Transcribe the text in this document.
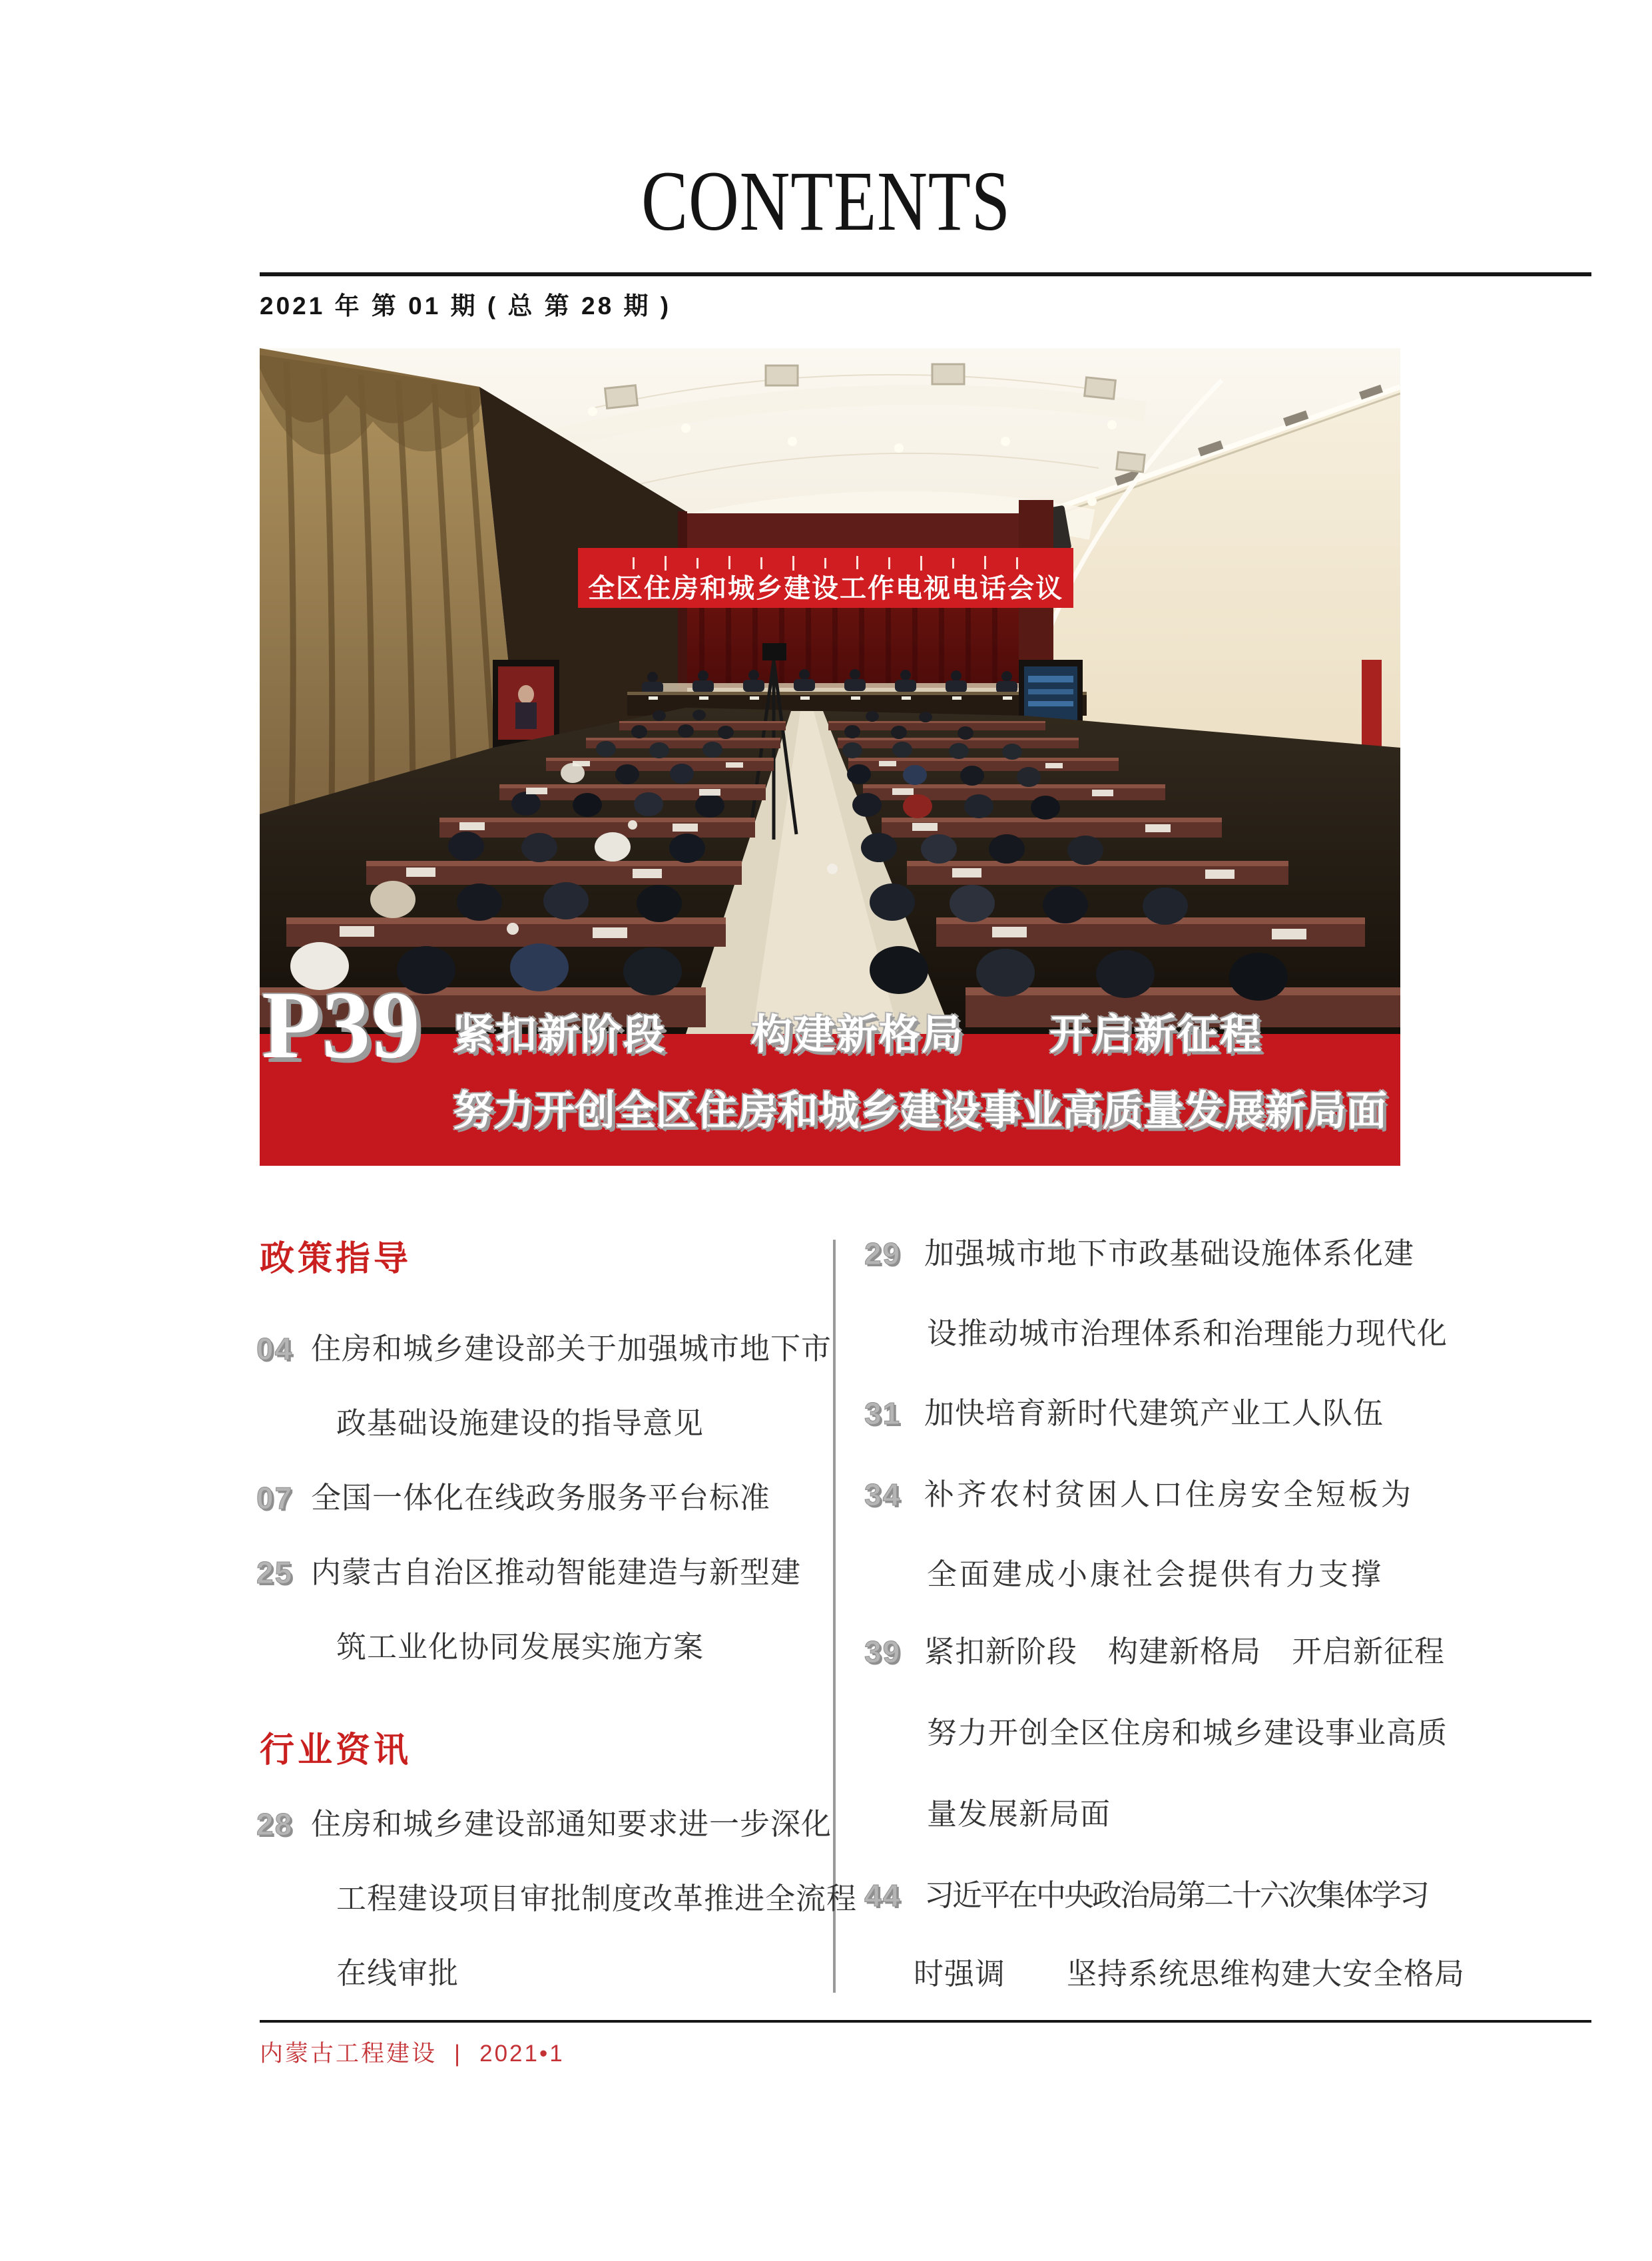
CONTENTS
2021 年 第 01 期 ( 总 第 28 期 )
全区住房和城乡建设工作电视电话会议
P39 紧扣新阶段　　构建新格局　　开启新征程
努力开创全区住房和城乡建设事业高质量发展新局面
政策指导
04 住房和城乡建设部关于加强城市地下市
政基础设施建设的指导意见
07 全国一体化在线政务服务平台标准
25 内蒙古自治区推动智能建造与新型建
筑工业化协同发展实施方案
行业资讯
28 住房和城乡建设部通知要求进一步深化
工程建设项目审批制度改革推进全流程
在线审批
29 加强城市地下市政基础设施体系化建
设推动城市治理体系和治理能力现代化
31 加快培育新时代建筑产业工人队伍
34 补齐农村贫困人口住房安全短板为
全面建成小康社会提供有力支撑
39 紧扣新阶段　构建新格局　开启新征程
努力开创全区住房和城乡建设事业高质
量发展新局面
44 习近平在中央政治局第二十六次集体学习
时强调　　坚持系统思维构建大安全格局
内蒙古工程建设 | 2021•1
